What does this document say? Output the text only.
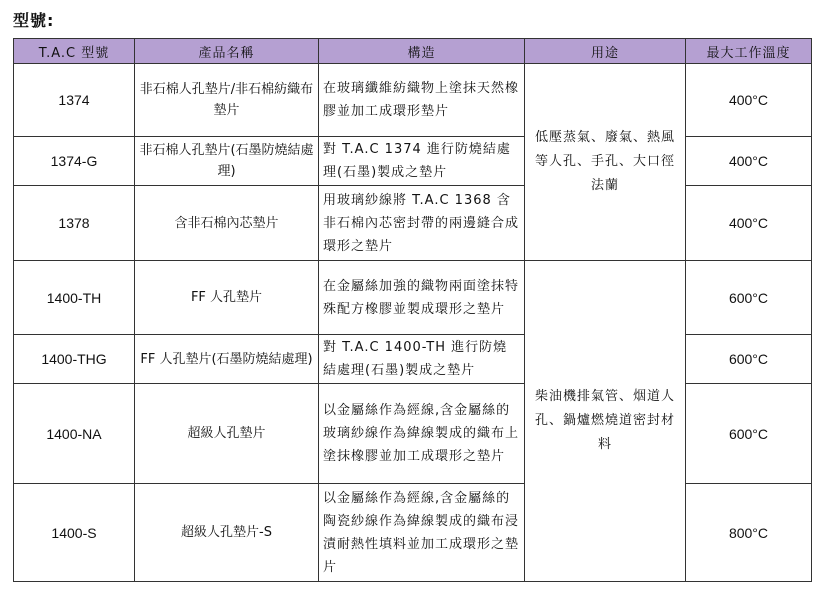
型號:
T.A.C 型號	產品名稱	構造	用途	最大工作溫度
1374	非石棉人孔墊片/非石棉紡織布墊片	在玻璃纖維紡織物上塗抹天然橡膠並加工成環形墊片	低壓蒸氣、廢氣、熱風等人孔、手孔、大口徑法蘭	400°C
1374-G	非石棉人孔墊片(石墨防燒結處理)	對 T.A.C 1374 進行防燒結處理(石墨)製成之墊片		400°C
1378	含非石棉內芯墊片	用玻璃紗線將 T.A.C 1368 含非石棉內芯密封帶的兩邊縫合成環形之墊片		400°C
1400-TH	FF 人孔墊片	在金屬絲加強的織物兩面塗抹特殊配方橡膠並製成環形之墊片	柴油機排氣管、烟道人孔、鍋爐燃燒道密封材料	600°C
1400-THG	FF 人孔墊片(石墨防燒結處理)	對 T.A.C 1400-TH 進行防燒結處理(石墨)製成之墊片		600°C
1400-NA	超級人孔墊片	以金屬絲作為經線,含金屬絲的玻璃紗線作為緯線製成的織布上塗抹橡膠並加工成環形之墊片		600°C
1400-S	超級人孔墊片-S	以金屬絲作為經線,含金屬絲的陶瓷紗線作為緯線製成的織布浸漬耐熱性填料並加工成環形之墊片		800°C
